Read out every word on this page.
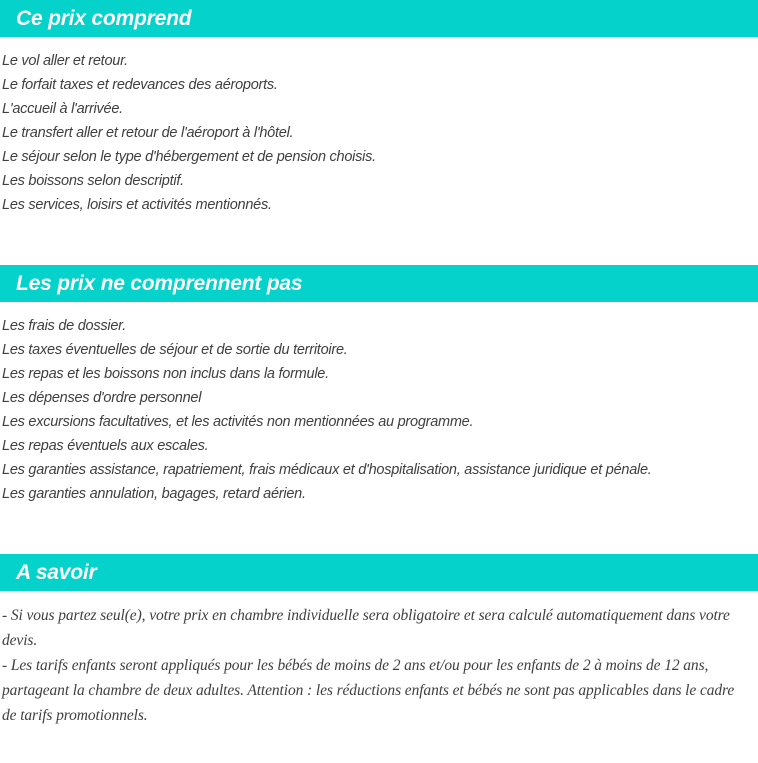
Ce prix comprend
Le vol aller et retour.
Le forfait taxes et redevances des aéroports.
L'accueil à l'arrivée.
Le transfert aller et retour de l'aéroport à l'hôtel.
Le séjour selon le type d'hébergement et de pension choisis.
Les boissons selon descriptif.
Les services, loisirs et activités mentionnés.
Les prix ne comprennent pas
Les frais de dossier.
Les taxes éventuelles de séjour et de sortie du territoire.
Les repas et les boissons non inclus dans la formule.
Les dépenses d'ordre personnel
Les excursions facultatives, et les activités non mentionnées au programme.
Les repas éventuels aux escales.
Les garanties assistance, rapatriement, frais médicaux et d'hospitalisation, assistance juridique et pénale.
Les garanties annulation, bagages, retard aérien.
A savoir

- Si vous partez seul(e), votre prix en chambre individuelle sera obligatoire et sera calculé automatiquement dans votre devis.

- Les tarifs enfants seront appliqués pour les bébés de moins de 2 ans et/ou pour les enfants de 2 à moins de 12 ans, partageant la chambre de deux adultes. Attention : les réductions enfants et bébés ne sont pas applicables dans le cadre de tarifs promotionnels.
